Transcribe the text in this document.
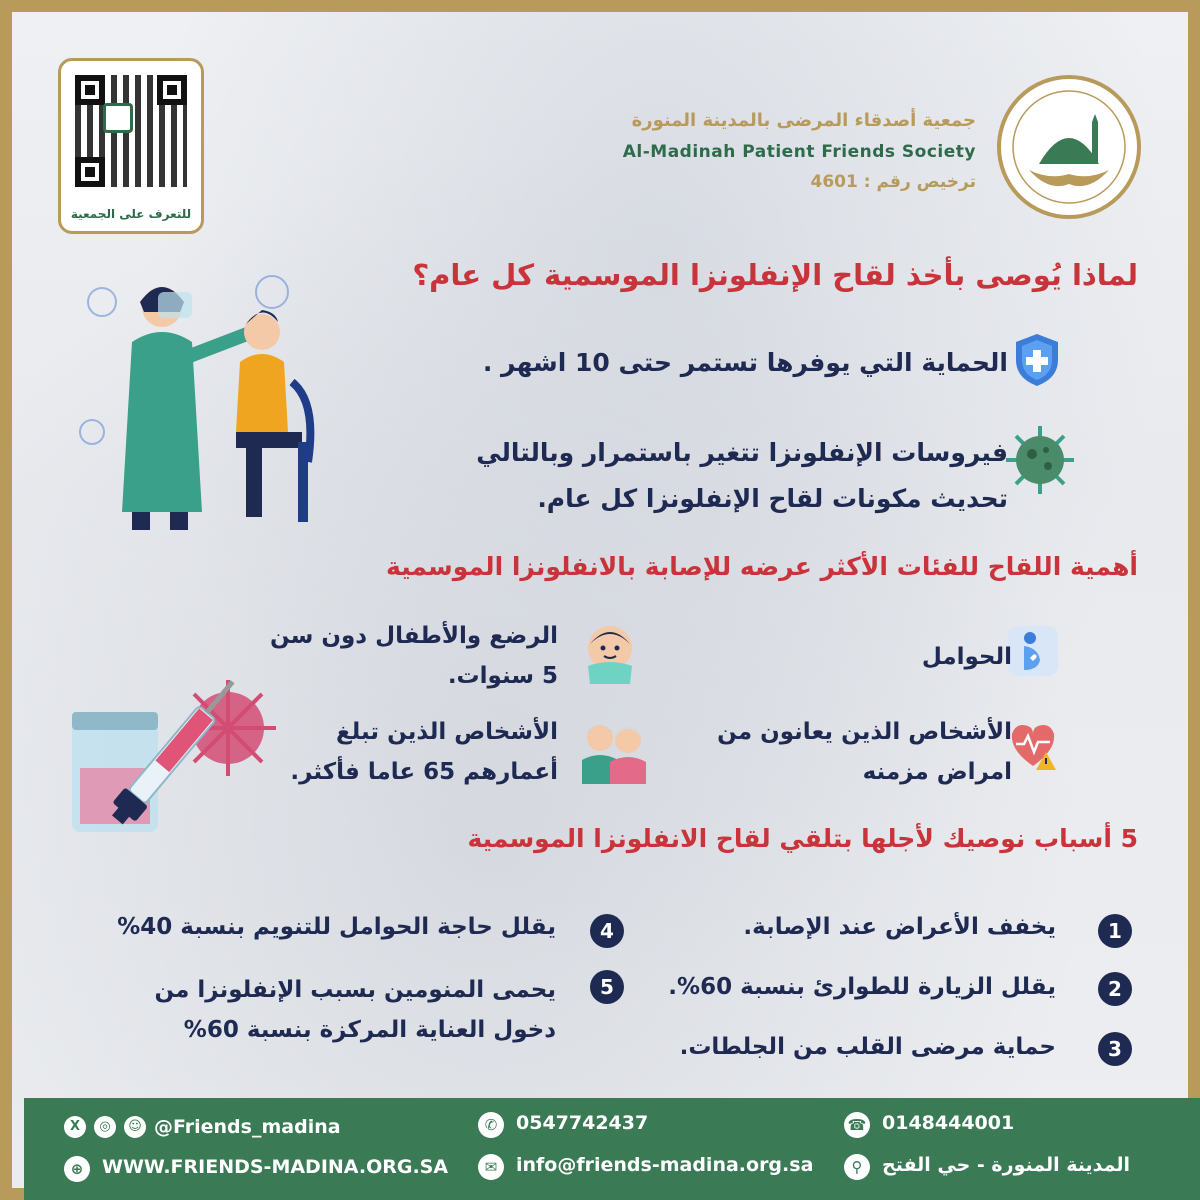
للتعرف على الجمعية
جمعية أصدقاء المرضى بالمدينة المنورة
Al-Madinah Patient Friends Society
ترخيص رقم : 4601
لماذا يُوصى بأخذ لقاح الإنفلونزا الموسمية كل عام؟
الحماية التي يوفرها تستمر حتى 10 اشهر .
فيروسات الإنفلونزا تتغير باستمرار وبالتالي تحديث مكونات لقاح الإنفلونزا كل عام.
أهمية اللقاح للفئات الأكثر عرضه للإصابة بالانفلونزا الموسمية
الحوامل
الأشخاص الذين يعانون من امراض مزمنه
الرضع والأطفال دون سن 5 سنوات.
الأشخاص الذين تبلغ أعمارهم 65 عاما فأكثر.
5 أسباب نوصيك لأجلها بتلقي لقاح الانفلونزا الموسمية
1
يخفف الأعراض عند الإصابة.
2
يقلل الزيارة للطوارئ بنسبة 60%.
3
حماية مرضى القلب من الجلطات.
4
يقلل حاجة الحوامل للتنويم بنسبة 40%
5
يحمى المنومين بسبب الإنفلونزا من دخول العناية المركزة بنسبة 60%
X	◎	☺ @Friends_madina
⊕ WWW.FRIENDS-MADINA.ORG.SA
✆ 0547742437
✉ info@friends-madina.org.sa
☎ 0148444001
⚲	المدينة المنورة - حي الفتح
